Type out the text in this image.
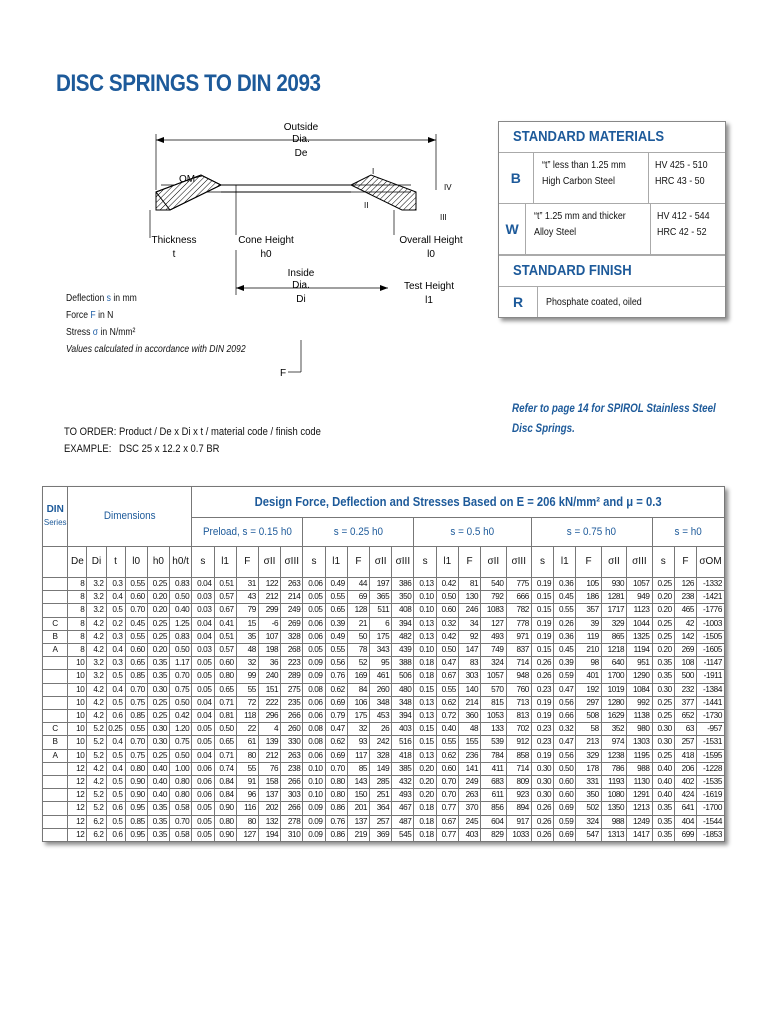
DISC SPRINGS TO DIN 2093
Outside
Dia.
De
OM
I
II
III
IV
Thickness
t
Cone Height
h0
Overall Height
l0
Inside
Dia.
Di
Test Height
l1
F
Deflection s in mm
Force F in N
Stress σ in N/mm²
Values calculated in accordance with DIN 2092
STANDARD MATERIALS
B
“t” less than 1.25 mm
High Carbon Steel
HV 425 - 510
HRC 43 - 50
W
“t” 1.25 mm and thicker
Alloy Steel
HV 412 - 544
HRC 42 - 52
STANDARD FINISH
R	Phosphate coated, oiled
Refer to page 14 for SPIROL Stainless Steel
Disc Springs.
TO ORDER: Product / De x Di x t / material code / finish code
EXAMPLE: DSC 25 x 12.2 x 0.7 BR
DIN
Series	Dimensions						Design Force, Deflection and Stresses Based on E = 206 kN/mm² and μ = 0.3																						
							Preload, s = 0.15 h0					s = 0.25 h0					s = 0.5 h0					s = 0.75 h0					s = h0		
	De	Di	t	l0	h0	h0/t	s	l1	F	σII	σIII	s	l1	F	σII	σIII	s	l1	F	σII	σIII	s	l1	F	σII	σIII	s	F	σOM
	8	3.2	0.3	0.55	0.25	0.83	0.04	0.51	31	122	263	0.06	0.49	44	197	386	0.13	0.42	81	540	775	0.19	0.36	105	930	1057	0.25	126	-1332
	8	3.2	0.4	0.60	0.20	0.50	0.03	0.57	43	212	214	0.05	0.55	69	365	350	0.10	0.50	130	792	666	0.15	0.45	186	1281	949	0.20	238	-1421
	8	3.2	0.5	0.70	0.20	0.40	0.03	0.67	79	299	249	0.05	0.65	128	511	408	0.10	0.60	246	1083	782	0.15	0.55	357	1717	1123	0.20	465	-1776
C	8	4.2	0.2	0.45	0.25	1.25	0.04	0.41	15	-6	269	0.06	0.39	21	6	394	0.13	0.32	34	127	778	0.19	0.26	39	329	1044	0.25	42	-1003
B	8	4.2	0.3	0.55	0.25	0.83	0.04	0.51	35	107	328	0.06	0.49	50	175	482	0.13	0.42	92	493	971	0.19	0.36	119	865	1325	0.25	142	-1505
A	8	4.2	0.4	0.60	0.20	0.50	0.03	0.57	48	198	268	0.05	0.55	78	343	439	0.10	0.50	147	749	837	0.15	0.45	210	1218	1194	0.20	269	-1605
	10	3.2	0.3	0.65	0.35	1.17	0.05	0.60	32	36	223	0.09	0.56	52	95	388	0.18	0.47	83	324	714	0.26	0.39	98	640	951	0.35	108	-1147
	10	3.2	0.5	0.85	0.35	0.70	0.05	0.80	99	240	289	0.09	0.76	169	461	506	0.18	0.67	303	1057	948	0.26	0.59	401	1700	1290	0.35	500	-1911
	10	4.2	0.4	0.70	0.30	0.75	0.05	0.65	55	151	275	0.08	0.62	84	260	480	0.15	0.55	140	570	760	0.23	0.47	192	1019	1084	0.30	232	-1384
	10	4.2	0.5	0.75	0.25	0.50	0.04	0.71	72	222	235	0.06	0.69	106	348	348	0.13	0.62	214	815	713	0.19	0.56	297	1280	992	0.25	377	-1441
	10	4.2	0.6	0.85	0.25	0.42	0.04	0.81	118	296	266	0.06	0.79	175	453	394	0.13	0.72	360	1053	813	0.19	0.66	508	1629	1138	0.25	652	-1730
C	10	5.2	0.25	0.55	0.30	1.20	0.05	0.50	22	4	260	0.08	0.47	32	26	403	0.15	0.40	48	133	702	0.23	0.32	58	352	980	0.30	63	-957
B	10	5.2	0.4	0.70	0.30	0.75	0.05	0.65	61	139	330	0.08	0.62	93	242	516	0.15	0.55	155	539	912	0.23	0.47	213	974	1303	0.30	257	-1531
A	10	5.2	0.5	0.75	0.25	0.50	0.04	0.71	80	212	263	0.06	0.69	117	328	418	0.13	0.62	236	784	858	0.19	0.56	329	1238	1195	0.25	418	-1595
	12	4.2	0.4	0.80	0.40	1.00	0.06	0.74	55	76	238	0.10	0.70	85	149	385	0.20	0.60	141	411	714	0.30	0.50	178	786	988	0.40	206	-1228
	12	4.2	0.5	0.90	0.40	0.80	0.06	0.84	91	158	266	0.10	0.80	143	285	432	0.20	0.70	249	683	809	0.30	0.60	331	1193	1130	0.40	402	-1535
	12	5.2	0.5	0.90	0.40	0.80	0.06	0.84	96	137	303	0.10	0.80	150	251	493	0.20	0.70	263	611	923	0.30	0.60	350	1080	1291	0.40	424	-1619
	12	5.2	0.6	0.95	0.35	0.58	0.05	0.90	116	202	266	0.09	0.86	201	364	467	0.18	0.77	370	856	894	0.26	0.69	502	1350	1213	0.35	641	-1700
	12	6.2	0.5	0.85	0.35	0.70	0.05	0.80	80	132	278	0.09	0.76	137	257	487	0.18	0.67	245	604	917	0.26	0.59	324	988	1249	0.35	404	-1544
	12	6.2	0.6	0.95	0.35	0.58	0.05	0.90	127	194	310	0.09	0.86	219	369	545	0.18	0.77	403	829	1033	0.26	0.69	547	1313	1417	0.35	699	-1853
